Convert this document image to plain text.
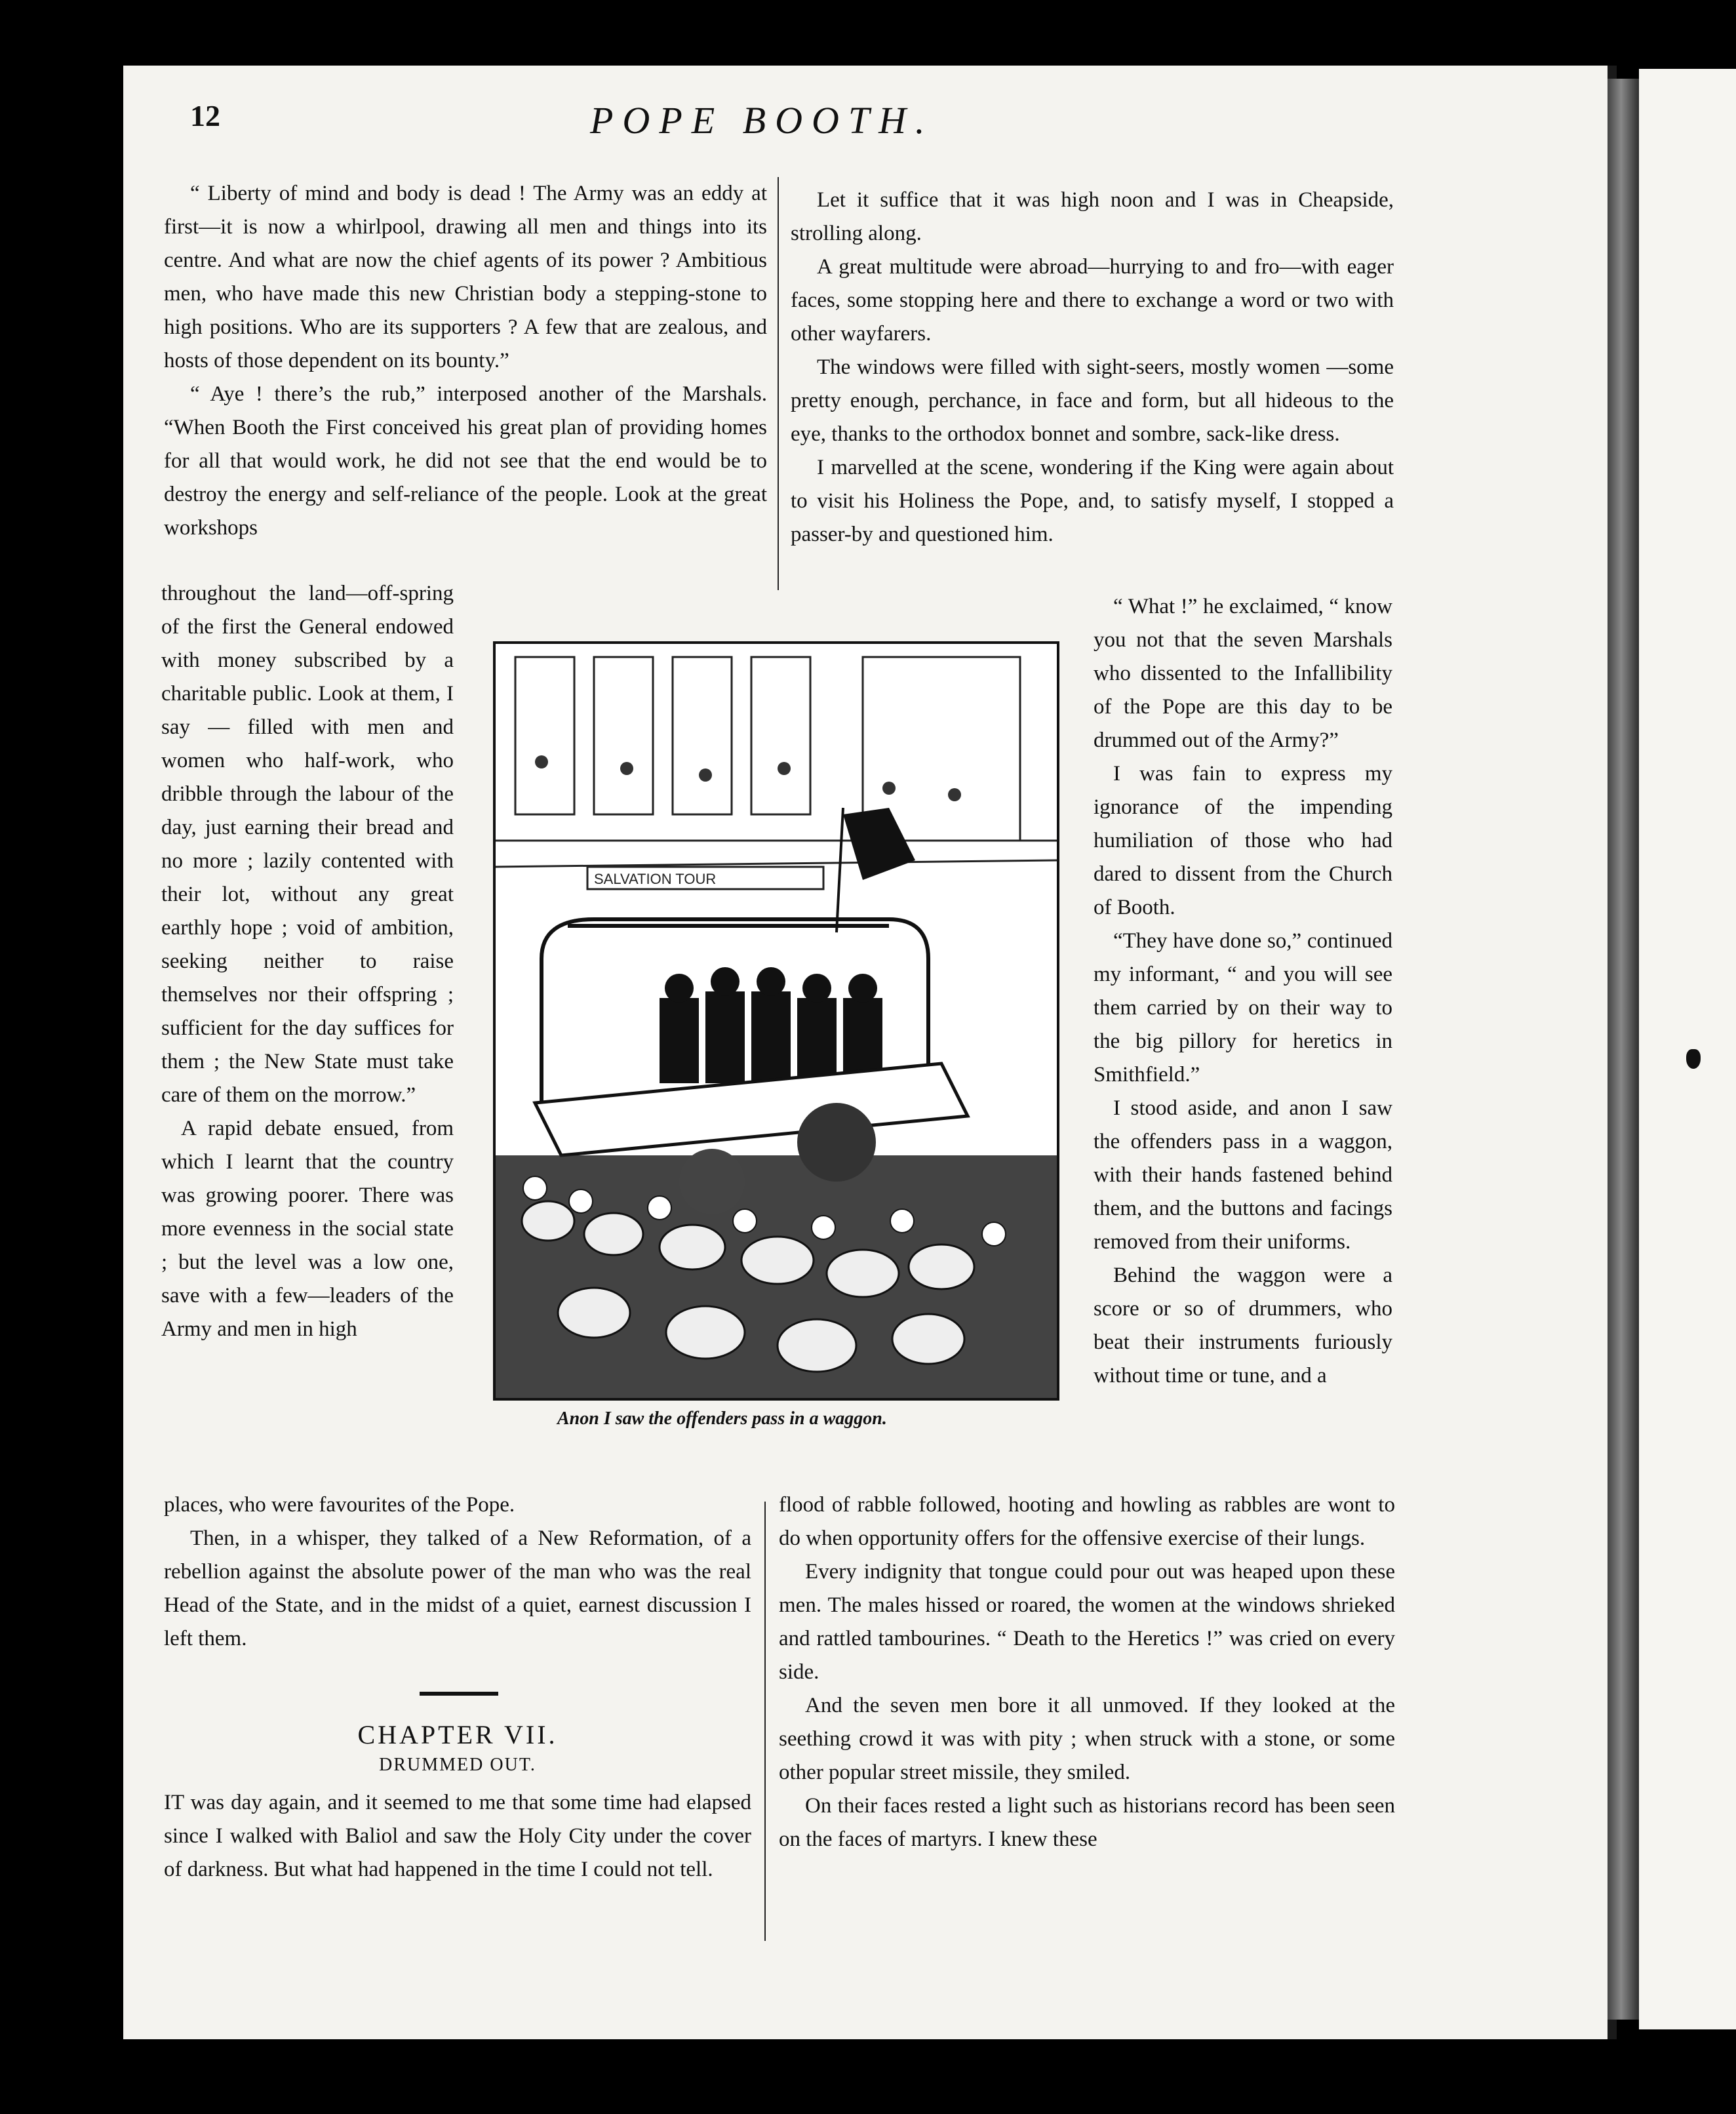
12	POPE BOOTH.

“ Liberty of mind and body is dead ! The Army was an eddy at first—it is now a whirlpool, drawing all men and things into its centre. And what are now the chief agents of its power ? Ambitious men, who have made this new Christian body a stepping-stone to high positions. Who are its supporters ? A few that are zealous, and hosts of those dependent on its bounty.”

“ Aye ! there’s the rub,” interposed another of the Marshals. “When Booth the First conceived his great plan of providing homes for all that would work, he did not see that the end would be to destroy the energy and self-reliance of the people. Look at the great workshops

throughout the land—off-spring of the first the General endowed with money subscribed by a charitable public. Look at them, I say — filled with men and women who half-work, who dribble through the labour of the day, just earning their bread and no more ; lazily contented with their lot, without any great earthly hope ; void of ambition, seeking neither to raise themselves nor their offspring ; sufficient for the day suffices for them ; the New State must take care of them on the morrow.”

A rapid debate ensued, from which I learnt that the country was growing poorer. There was more evenness in the social state ; but the level was a low one, save with a few—leaders of the Army and men in high

Let it suffice that it was high noon and I was in Cheapside, strolling along.

A great multitude were abroad—hurrying to and fro—with eager faces, some stopping here and there to exchange a word or two with other wayfarers.

The windows were filled with sight-seers, mostly women —some pretty enough, perchance, in face and form, but all hideous to the eye, thanks to the orthodox bonnet and sombre, sack-like dress.

I marvelled at the scene, wondering if the King were again about to visit his Holiness the Pope, and, to satisfy myself, I stopped a passer-by and questioned him.

“ What !” he exclaimed, “ know you not that the seven Marshals who dissented to the Infallibility of the Pope are this day to be drummed out of the Army?”

I was fain to express my ignorance of the impending humiliation of those who had dared to dissent from the Church of Booth.

“They have done so,” continued my informant, “ and you will see them carried by on their way to the big pillory for heretics in Smithfield.”

I stood aside, and anon I saw the offenders pass in a waggon, with their hands fastened behind them, and the buttons and facings removed from their uniforms.

Behind the waggon were a score or so of drummers, who beat their instruments furiously without time or tune, and a

SALVATION TOUR
Anon I saw the offenders pass in a waggon.

places, who were favourites of the Pope.

Then, in a whisper, they talked of a New Reformation, of a rebellion against the absolute power of the man who was the real Head of the State, and in the midst of a quiet, earnest discussion I left them.

CHAPTER VII.
DRUMMED OUT.

IT was day again, and it seemed to me that some time had elapsed since I walked with Baliol and saw the Holy City under the cover of darkness. But what had happened in the time I could not tell.

flood of rabble followed, hooting and howling as rabbles are wont to do when opportunity offers for the offensive exercise of their lungs.

Every indignity that tongue could pour out was heaped upon these men. The males hissed or roared, the women at the windows shrieked and rattled tambourines. “ Death to the Heretics !” was cried on every side.

And the seven men bore it all unmoved. If they looked at the seething crowd it was with pity ; when struck with a stone, or some other popular street missile, they smiled.

On their faces rested a light such as historians record has been seen on the faces of martyrs. I knew these
